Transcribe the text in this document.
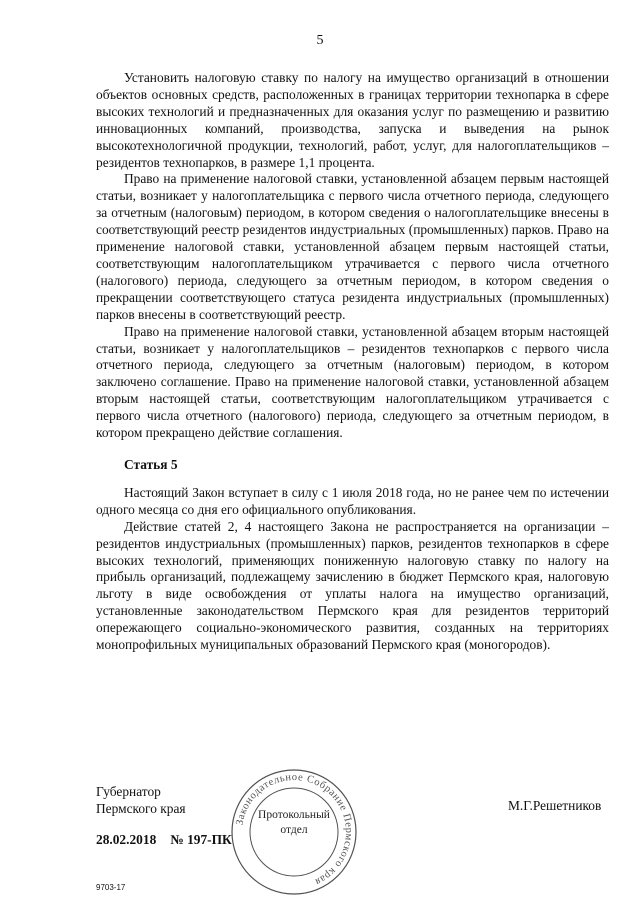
5

Установить налоговую ставку по налогу на имущество организаций в отношении объектов основных средств, расположенных в границах территории технопарка в сфере высоких технологий и предназначенных для оказания услуг по размещению и развитию инновационных компаний, производства, запуска и выведения на рынок высокотехнологичной продукции, технологий, работ, услуг, для налогоплательщиков – резидентов технопарков, в размере 1,1 процента.

Право на применение налоговой ставки, установленной абзацем первым настоящей статьи, возникает у налогоплательщика с первого числа отчетного периода, следующего за отчетным (налоговым) периодом, в котором сведения о налогоплательщике внесены в соответствующий реестр резидентов индустриальных (промышленных) парков. Право на применение налоговой ставки, установленной абзацем первым настоящей статьи, соответствующим налогоплательщиком утрачивается с первого числа отчетного (налогового) периода, следующего за отчетным периодом, в котором сведения о прекращении соответствующего статуса резидента индустриальных (промышленных) парков внесены в соответствующий реестр.

Право на применение налоговой ставки, установленной абзацем вторым настоящей статьи, возникает у налогоплательщиков – резидентов технопарков с первого числа отчетного периода, следующего за отчетным (налоговым) периодом, в котором заключено соглашение. Право на применение налоговой ставки, установленной абзацем вторым настоящей статьи, соответствующим налогоплательщиком утрачивается с первого числа отчетного (налогового) периода, следующего за отчетным периодом, в котором прекращено действие соглашения.

Статья 5

Настоящий Закон вступает в силу с 1 июля 2018 года, но не ранее чем по истечении одного месяца со дня его официального опубликования.

Действие статей 2, 4 настоящего Закона не распространяется на организации – резидентов индустриальных (промышленных) парков, резидентов технопарков в сфере высоких технологий, применяющих пониженную налоговую ставку по налогу на прибыль организаций, подлежащему зачислению в бюджет Пермского края, налоговую льготу в виде освобождения от уплаты налога на имущество организаций, установленные законодательством Пермского края для резидентов территорий опережающего социально-экономического развития, созданных на территориях монопрофильных муниципальных образований Пермского края (моногородов).

Губернатор
Пермского края	М.Г.Решетников
28.02.2018 № 197-ПК
Законодательное Собрание Пермского края
Протокольный
отдел
9703-17
